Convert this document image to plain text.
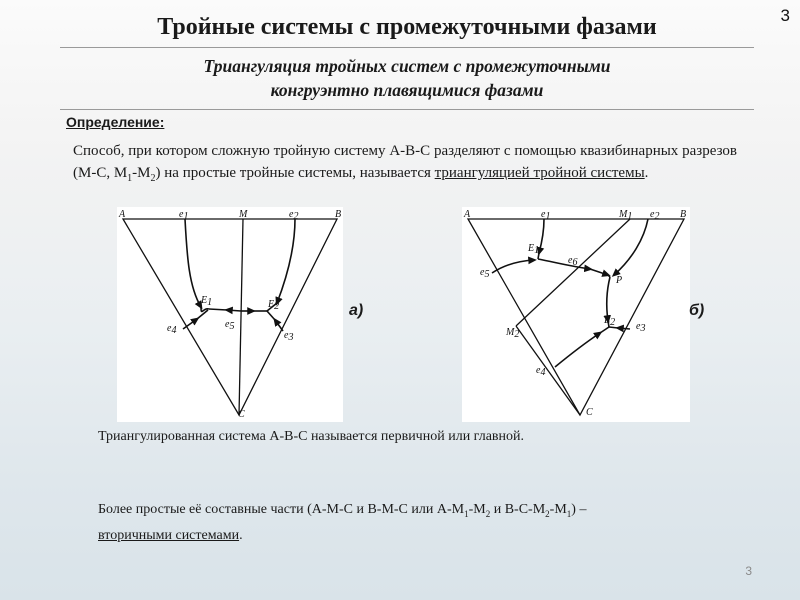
3
Тройные системы с промежуточными фазами
Триангуляция тройных систем с промежуточными
конгруэнтно плавящимися фазами
Определение:
Способ, при котором сложную тройную систему А-В-С разделяют с помощью квазибинарных разрезов (М-С, $М_1-М_2$) на простые тройные системы, называется триангуляцией тройной системы.
A	e1	M	e2	B
E1	E2
e4
e5
e3
C
а)
A	e1	M1 e2 B
E1
e6
e5
P
E2 e3
M2
e4
C
б)
Триангулированная система А-В-С называется первичной или главной.
Более простые её составные части (А-М-С и В-М-С или $А-М_1-М_2$ и $В-С-М_2-М_1$) –
вторичными системами.
3
